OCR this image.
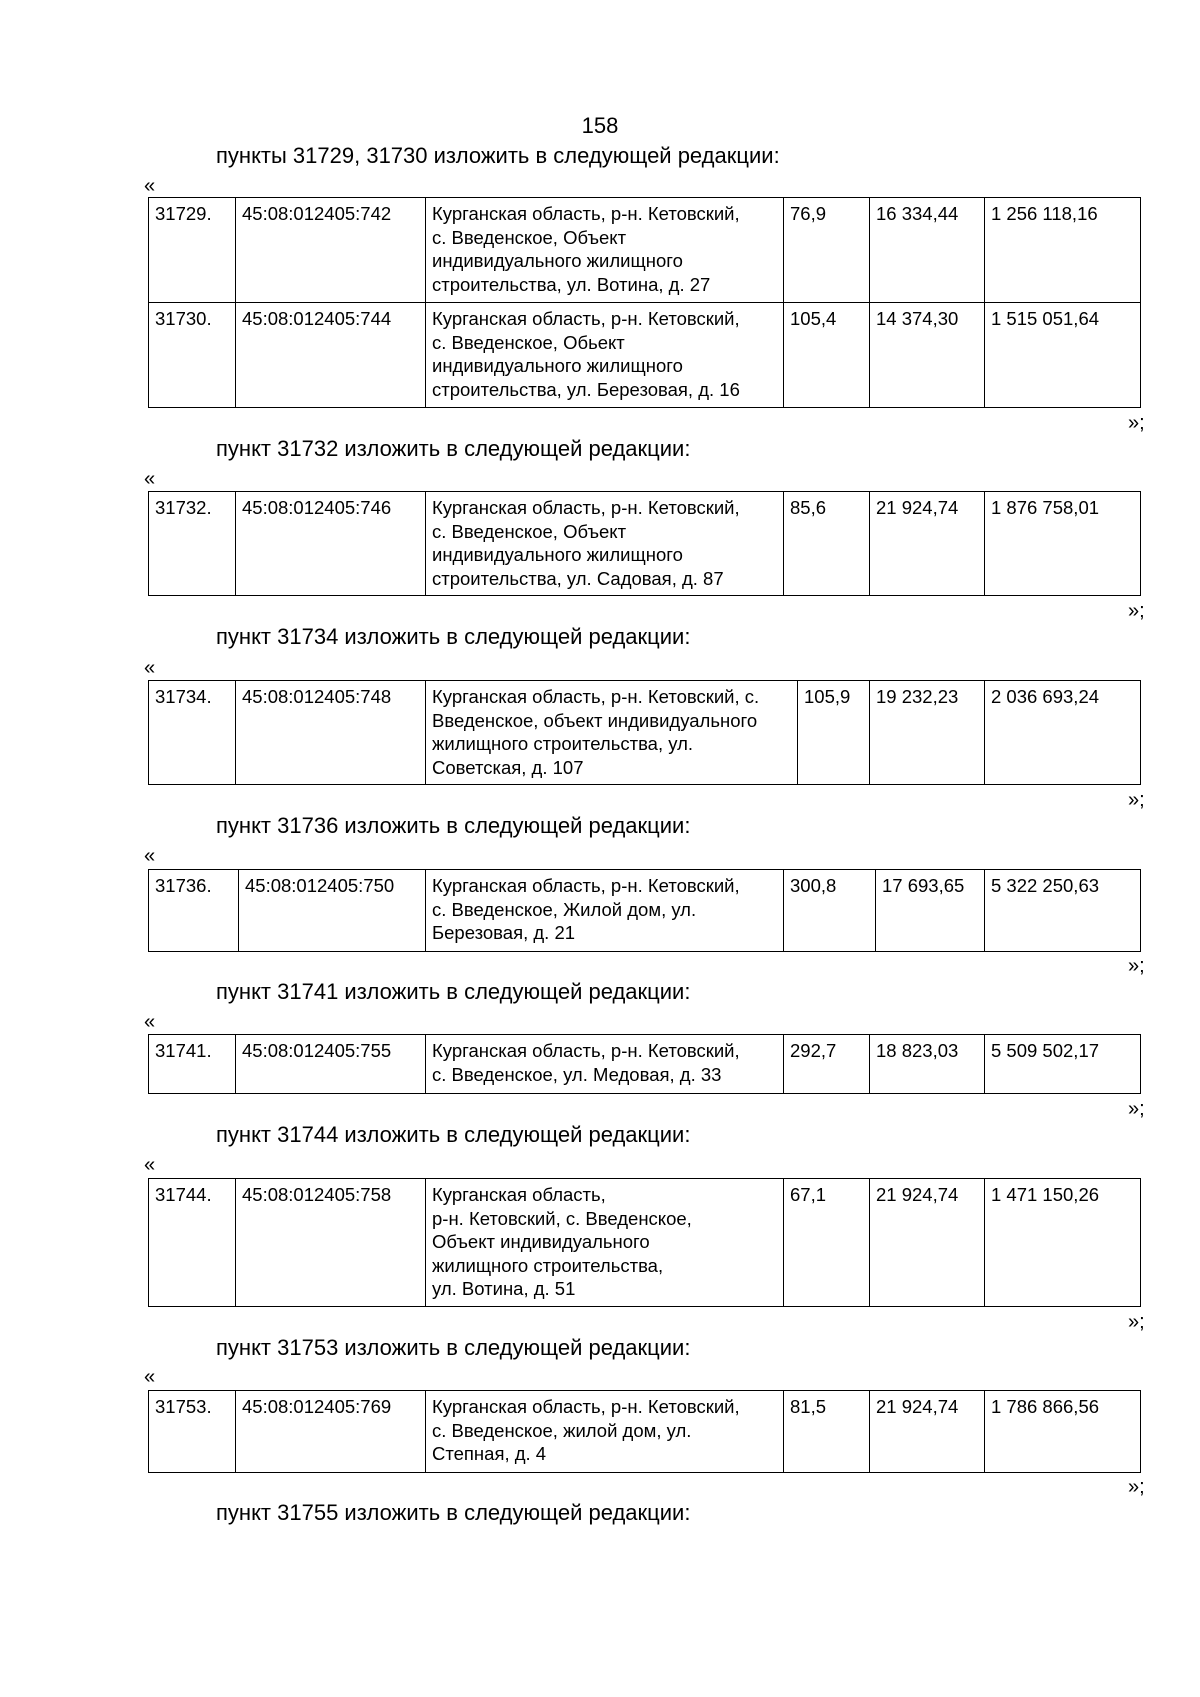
158
пункты 31729, 31730 изложить в следующей редакции:
«
31729.	45:08:012405:742	Курганская область, р-н. Кетовский,
с. Введенское, Объект
индивидуального жилищного
строительства, ул. Вотина, д. 27	76,9	16 334,44	1 256 118,16
31730.	45:08:012405:744	Курганская область, р-н. Кетовский,
с. Введенское, Обьект
индивидуального жилищного
строительства, ул. Березовая, д. 16	105,4	14 374,30	1 515 051,64
»;
пункт 31732 изложить в следующей редакции:
«
31732.	45:08:012405:746	Курганская область, р-н. Кетовский,
с. Введенское, Объект
индивидуального жилищного
строительства, ул. Садовая, д. 87
	85,6	21 924,74	1 876 758,01
»;
пункт 31734 изложить в следующей редакции:
«
31734.	45:08:012405:748	Курганская область, р-н. Кетовский, с.
Введенское, объект индивидуального
жилищного строительства, ул.
Советская, д. 107
	105,9	19 232,23	2 036 693,24
»;
пункт 31736 изложить в следующей редакции:
«
31736.	45:08:012405:750	Курганская область, р-н. Кетовский,
с. Введенское, Жилой дом, ул.
Березовая, д. 21
	300,8	17 693,65	5 322 250,63
»;
пункт 31741 изложить в следующей редакции:
«
31741.	45:08:012405:755	Курганская область, р-н. Кетовский,
с. Введенское, ул. Медовая, д. 33
	292,7	18 823,03	5 509 502,17
»;
пункт 31744 изложить в следующей редакции:
«
31744.	45:08:012405:758	Курганская область,
р-н. Кетовский, с. Введенское,
Объект индивидуального
жилищного строительства,
ул. Вотина, д. 51
	67,1	21 924,74	1 471 150,26
»;
пункт 31753 изложить в следующей редакции:
«
31753.	45:08:012405:769	Курганская область, р-н. Кетовский,
с. Введенское, жилой дом, ул.
Степная, д. 4
	81,5	21 924,74	1 786 866,56
»;
пункт 31755 изложить в следующей редакции:
